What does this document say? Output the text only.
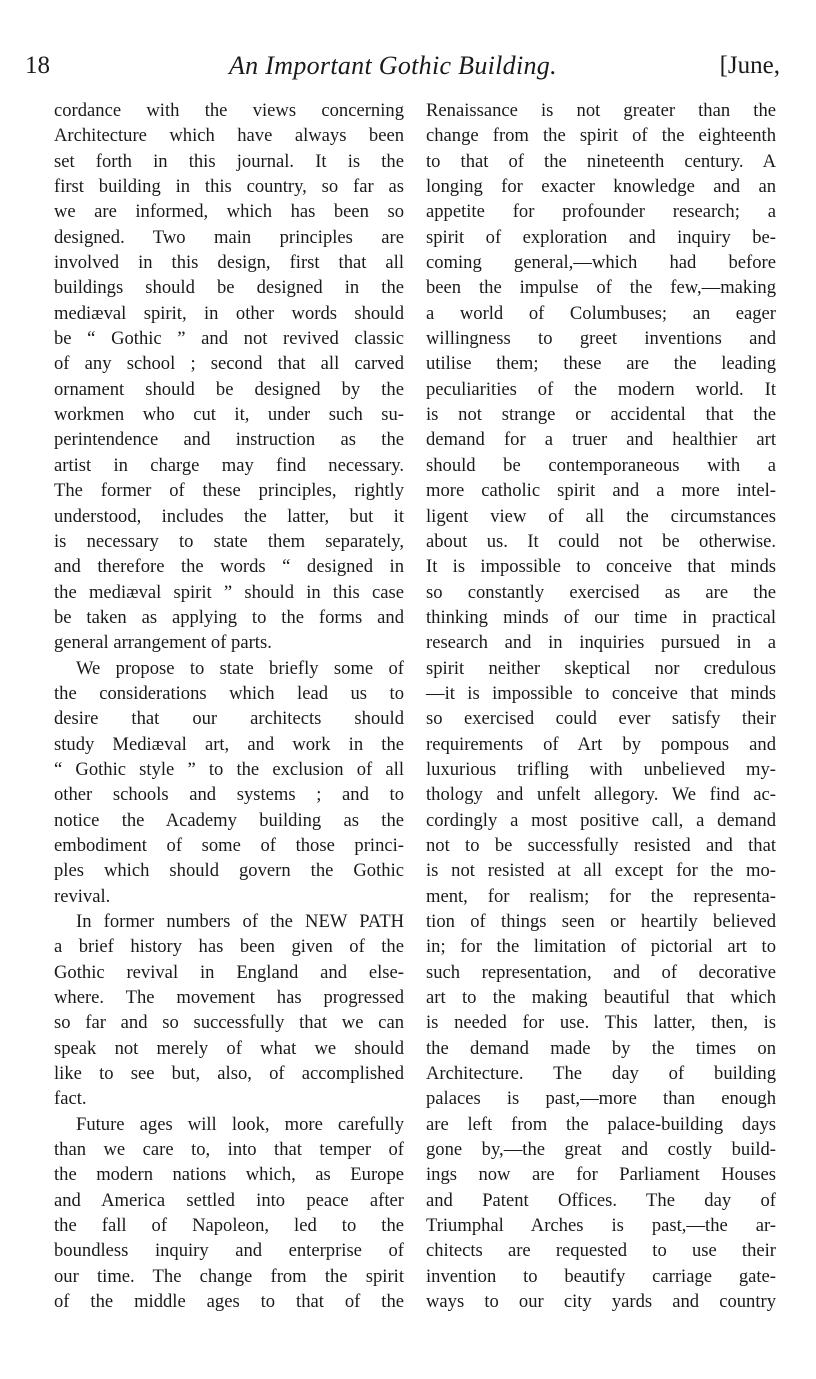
18	An Important Gothic Building.	[June,
cordance with the views concerning
Architecture which have always been
set forth in this journal. It is the
first building in this country, so far as
we are informed, which has been so
designed. Two main principles are
involved in this design, first that all
buildings should be designed in the
mediæval spirit, in other words should
be “ Gothic ” and not revived classic
of any school ; second that all carved
ornament should be designed by the
workmen who cut it, under such su-
perintendence and instruction as the
artist in charge may find necessary.
The former of these principles, rightly
understood, includes the latter, but it
is necessary to state them separately,
and therefore the words “ designed in
the mediæval spirit ” should in this case
be taken as applying to the forms and
general arrangement of parts.
We propose to state briefly some of
the considerations which lead us to
desire that our architects should
study Mediæval art, and work in the
“ Gothic style ” to the exclusion of all
other schools and systems ; and to
notice the Academy building as the
embodiment of some of those princi-
ples which should govern the Gothic
revival.
In former numbers of the NEW PATH
a brief history has been given of the
Gothic revival in England and else-
where. The movement has progressed
so far and so successfully that we can
speak not merely of what we should
like to see but, also, of accomplished
fact.
Future ages will look, more carefully
than we care to, into that temper of
the modern nations which, as Europe
and America settled into peace after
the fall of Napoleon, led to the
boundless inquiry and enterprise of
our time. The change from the spirit
of the middle ages to that of the
Renaissance is not greater than the
change from the spirit of the eighteenth
to that of the nineteenth century. A
longing for exacter knowledge and an
appetite for profounder research; a
spirit of exploration and inquiry be-
coming general,—which had before
been the impulse of the few,—making
a world of Columbuses; an eager
willingness to greet inventions and
utilise them; these are the leading
peculiarities of the modern world. It
is not strange or accidental that the
demand for a truer and healthier art
should be contemporaneous with a
more catholic spirit and a more intel-
ligent view of all the circumstances
about us. It could not be otherwise.
It is impossible to conceive that minds
so constantly exercised as are the
thinking minds of our time in practical
research and in inquiries pursued in a
spirit neither skeptical nor credulous
—it is impossible to conceive that minds
so exercised could ever satisfy their
requirements of Art by pompous and
luxurious trifling with unbelieved my-
thology and unfelt allegory. We find ac-
cordingly a most positive call, a demand
not to be successfully resisted and that
is not resisted at all except for the mo-
ment, for realism; for the representa-
tion of things seen or heartily believed
in; for the limitation of pictorial art to
such representation, and of decorative
art to the making beautiful that which
is needed for use. This latter, then, is
the demand made by the times on
Architecture. The day of building
palaces is past,—more than enough
are left from the palace-building days
gone by,—the great and costly build-
ings now are for Parliament Houses
and Patent Offices. The day of
Triumphal Arches is past,—the ar-
chitects are requested to use their
invention to beautify carriage gate-
ways to our city yards and country
